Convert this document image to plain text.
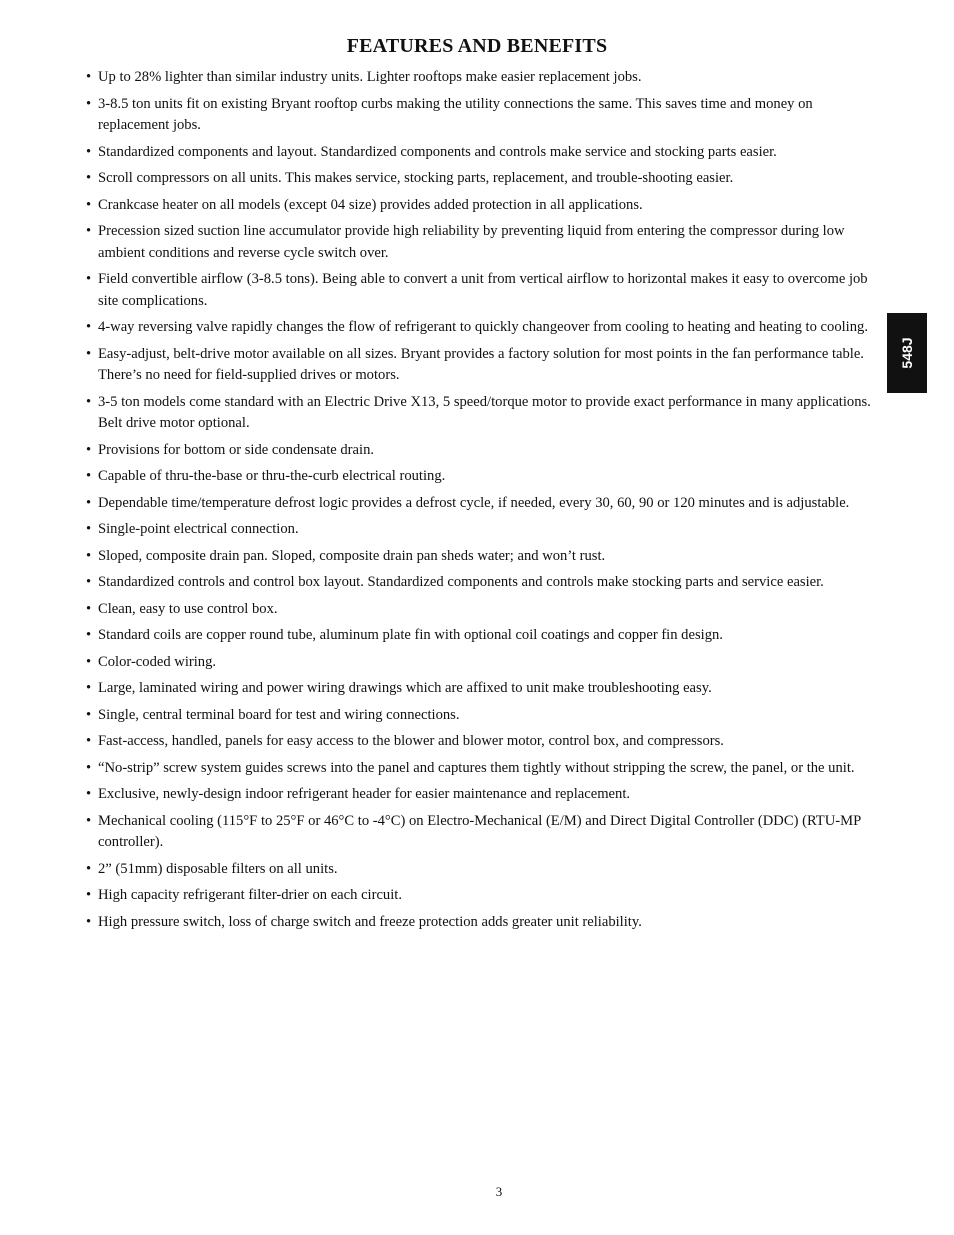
FEATURES AND BENEFITS
• Up to 28% lighter than similar industry units. Lighter rooftops make easier replacement jobs.
• 3-8.5 ton units fit on existing Bryant rooftop curbs making the utility connections the same. This saves time and money on replacement jobs.
• Standardized components and layout. Standardized components and controls make service and stocking parts easier.
• Scroll compressors on all units. This makes service, stocking parts, replacement, and trouble-shooting easier.
• Crankcase heater on all models (except 04 size) provides added protection in all applications.
• Precession sized suction line accumulator provide high reliability by preventing liquid from entering the compressor during low ambient conditions and reverse cycle switch over.
• Field convertible airflow (3-8.5 tons). Being able to convert a unit from vertical airflow to horizontal makes it easy to overcome job site complications.
• 4-way reversing valve rapidly changes the flow of refrigerant to quickly changeover from cooling to heating and heating to cooling.
• Easy-adjust, belt-drive motor available on all sizes. Bryant provides a factory solution for most points in the fan performance table. There’s no need for field-supplied drives or motors.
• 3-5 ton models come standard with an Electric Drive X13, 5 speed/torque motor to provide exact performance in many applications. Belt drive motor optional.
• Provisions for bottom or side condensate drain.
• Capable of thru-the-base or thru-the-curb electrical routing.
• Dependable time/temperature defrost logic provides a defrost cycle, if needed, every 30, 60, 90 or 120 minutes and is adjustable.
• Single-point electrical connection.
• Sloped, composite drain pan. Sloped, composite drain pan sheds water; and won’t rust.
• Standardized controls and control box layout. Standardized components and controls make stocking parts and service easier.
• Clean, easy to use control box.
• Standard coils are copper round tube, aluminum plate fin with optional coil coatings and copper fin design.
• Color-coded wiring.
• Large, laminated wiring and power wiring drawings which are affixed to unit make troubleshooting easy.
• Single, central terminal board for test and wiring connections.
• Fast-access, handled, panels for easy access to the blower and blower motor, control box, and compressors.
• “No-strip” screw system guides screws into the panel and captures them tightly without stripping the screw, the panel, or the unit.
• Exclusive, newly-design indoor refrigerant header for easier maintenance and replacement.
• Mechanical cooling (115°F to 25°F or 46°C to -4°C) on Electro-Mechanical (E/M) and Direct Digital Controller (DDC) (RTU-MP controller).
• 2” (51mm) disposable filters on all units.
• High capacity refrigerant filter-drier on each circuit.
• High pressure switch, loss of charge switch and freeze protection adds greater unit reliability.
548J
3
